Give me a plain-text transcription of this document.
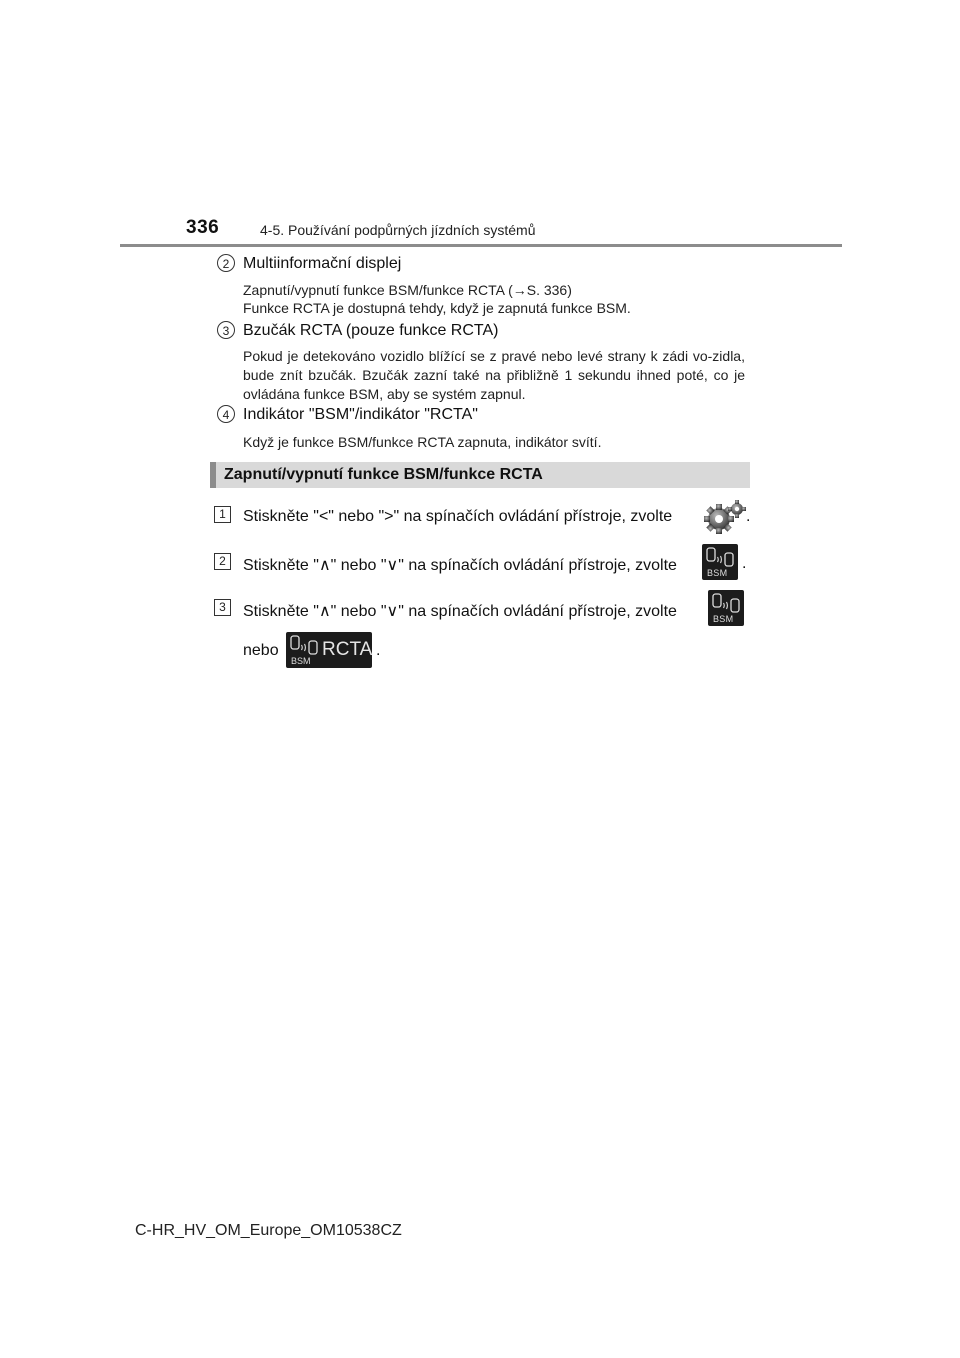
336	4-5. Používání podpůrných jízdních systémů
2 Multiinformační displej
Zapnutí/vypnutí funkce BSM/funkce RCTA (→S. 336)
Funkce RCTA je dostupná tehdy, když je zapnutá funkce BSM.
3 Bzučák RCTA (pouze funkce RCTA)
Pokud je detekováno vozidlo blížící se z pravé nebo levé strany k zádi vo-zidla, bude znít bzučák. Bzučák zazní také na přibližně 1 sekundu ihned poté, co je ovládána funkce BSM, aby se systém zapnul.
4 Indikátor "BSM"/indikátor "RCTA"
Když je funkce BSM/funkce RCTA zapnuta, indikátor svítí.
Zapnutí/vypnutí funkce BSM/funkce RCTA
1	Stiskněte "<" nebo ">" na spínačích ovládání přístroje, zvolte	.
2	Stiskněte "∧" nebo "∨" na spínačích ovládání přístroje, zvolte	BSM
.
3	Stiskněte "∧" nebo "∨" na spínačích ovládání přístroje, zvolte	BSM
nebo
BSM
RCTA .
C-HR_HV_OM_Europe_OM10538CZ
